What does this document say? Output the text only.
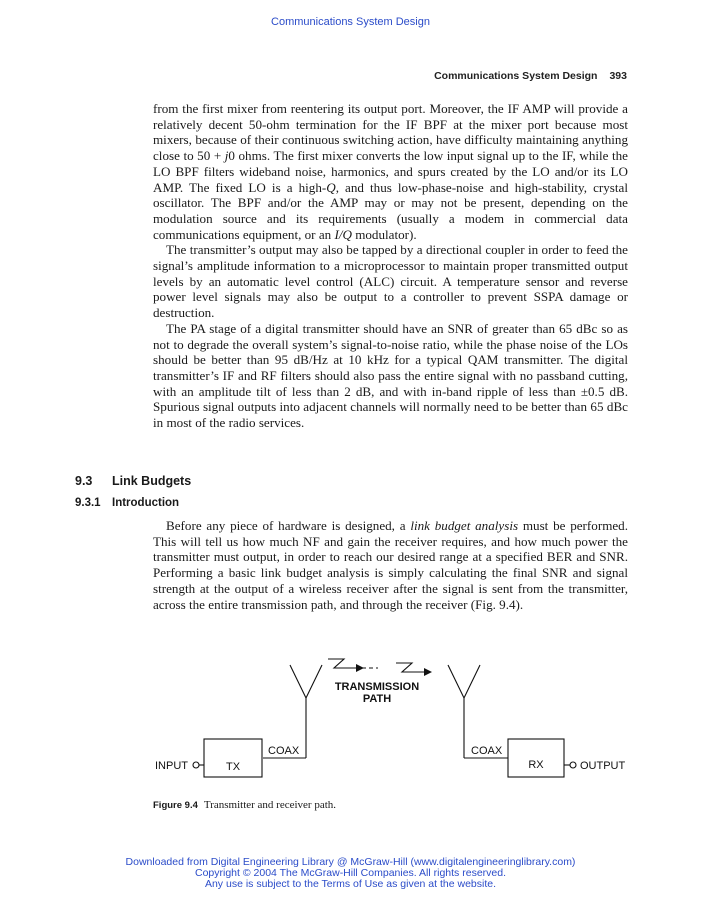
Communications System Design
Communications System Design 393

from the first mixer from reentering its output port. Moreover, the IF AMP will provide a relatively decent 50-ohm termination for the IF BPF at the mixer port because most mixers, because of their continuous switching action, have difficulty maintaining anything close to 50 + j0 ohms. The first mixer converts the low input signal up to the IF, while the LO BPF filters wideband noise, harmonics, and spurs created by the LO and/or its LO AMP. The fixed LO is a high-Q, and thus low-phase-noise and high-stability, crystal oscillator. The BPF and/or the AMP may or may not be present, depending on the modulation source and its requirements (usually a modem in commercial data communications equipment, or an I/Q modulator).

The transmitter’s output may also be tapped by a directional coupler in order to feed the signal’s amplitude information to a microprocessor to maintain proper transmitted output levels by an automatic level control (ALC) circuit. A temperature sensor and reverse power level signals may also be output to a controller to prevent SSPA damage or destruction.

The PA stage of a digital transmitter should have an SNR of greater than 65 dBc so as not to degrade the overall system’s signal-to-noise ratio, while the phase noise of the LOs should be better than 95 dB/Hz at 10 kHz for a typical QAM transmitter. The digital transmitter’s IF and RF filters should also pass the entire signal with no passband cutting, with an amplitude tilt of less than 2 dB, and with in-band ripple of less than ±0.5 dB. Spurious signal outputs into adjacent channels will normally need to be better than 65 dBc in most of the radio services.

9.3 Link Budgets
9.3.1 Introduction

Before any piece of hardware is designed, a link budget analysis must be performed. This will tell us how much NF and gain the receiver requires, and how much power the transmitter must output, in order to reach our desired range at a specified BER and SNR. Performing a basic link budget analysis is simply calculating the final SNR and signal strength at the output of a wireless receiver after the signal is sent from the transmitter, across the entire transmission path, and through the receiver (Fig. 9.4).

TRANSMISSION
PATH
INPUT	TX
COAX	COAX
RX	OUTPUT
Figure 9.4 Transmitter and receiver path.
Downloaded from Digital Engineering Library @ McGraw-Hill (www.digitalengineeringlibrary.com)
Copyright © 2004 The McGraw-Hill Companies. All rights reserved.
Any use is subject to the Terms of Use as given at the website.
